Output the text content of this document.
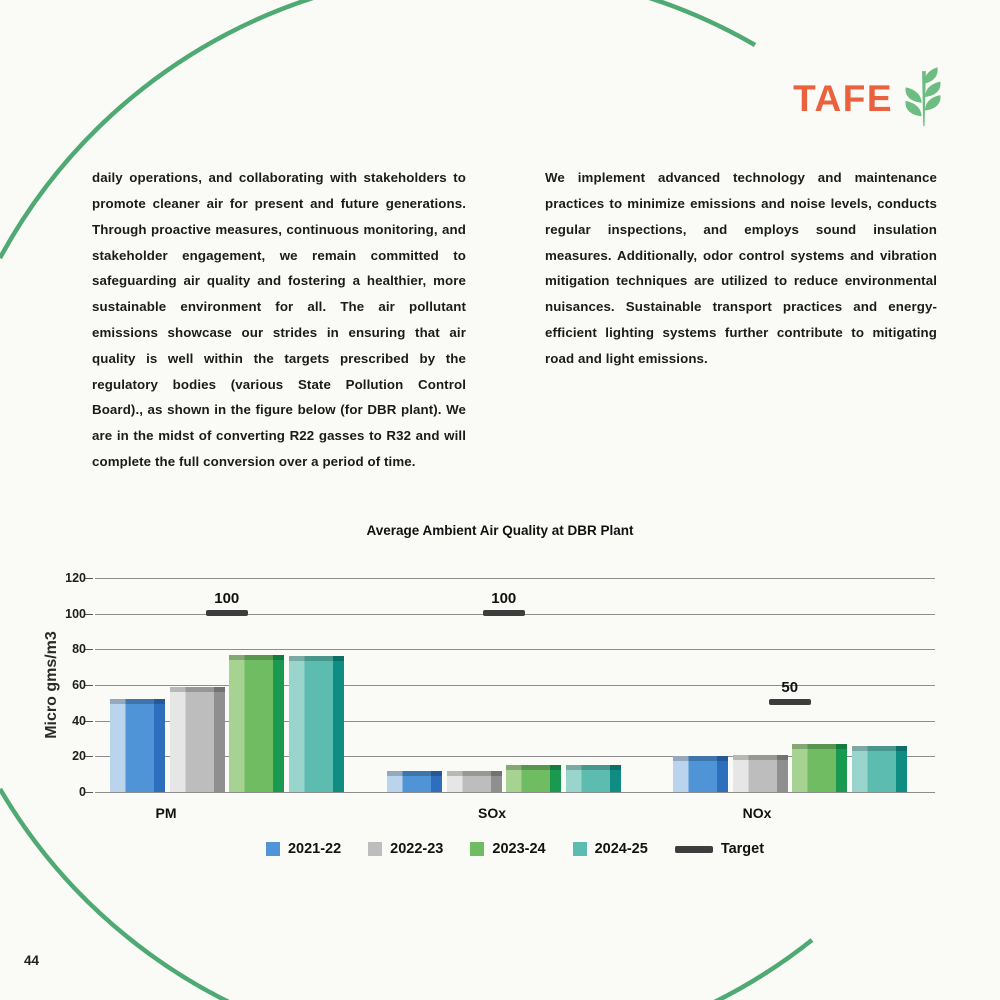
TAFE

daily operations, and collaborating with stakeholders to promote cleaner air for present and future generations. Through proactive measures, continuous monitoring, and stakeholder engagement, we remain committed to safeguarding air quality and fostering a healthier, more sustainable environment for all. The air pollutant emissions showcase our strides in ensuring that air quality is well within the targets prescribed by the regulatory bodies (various State Pollution Control Board)., as shown in the figure below (for DBR plant). We are in the midst of converting R22 gasses to R32 and will complete the full conversion over a period of time.

We implement advanced technology and maintenance practices to minimize emissions and noise levels, conducts regular inspections, and employs sound insulation measures. Additionally, odor control systems and vibration mitigation techniques are utilized to reduce environmental nuisances. Sustainable transport practices and energy-efficient lighting systems further contribute to mitigating road and light emissions.

Average Ambient Air Quality at DBR Plant
Micro gms/m3
0
20
40
60
80
100
120
100
PM
100
SOx
50
NOx
2021-22	2022-23	2023-24	2024-25	Target
44
